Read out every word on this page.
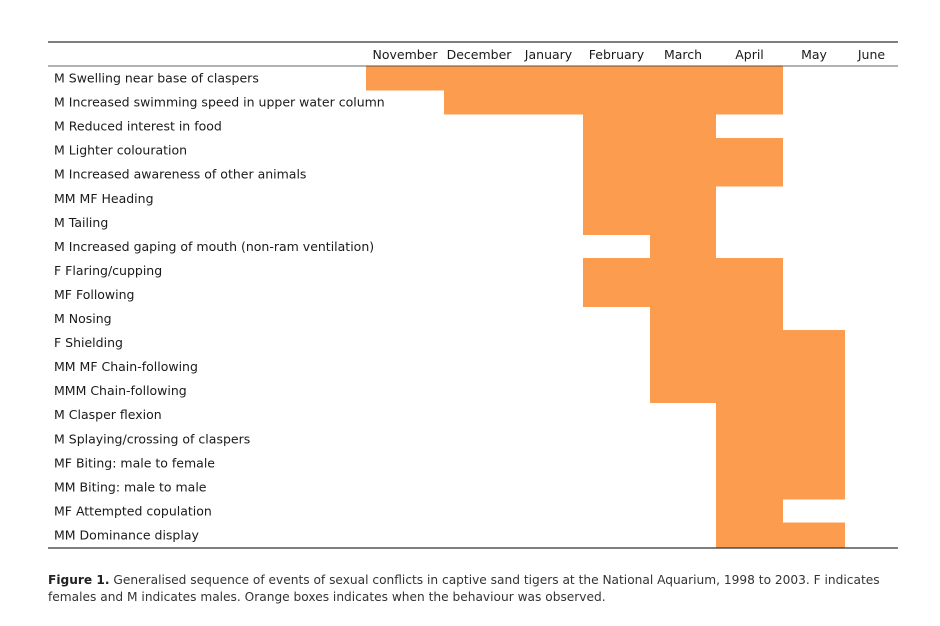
November December January February March	April	May June
M Swelling near base of claspers
M Increased swimming speed in upper water column
M Reduced interest in food
M Lighter colouration
M Increased awareness of other animals
MM MF Heading
M Tailing
M Increased gaping of mouth (non-ram ventilation)
F Flaring/cupping
MF Following
M Nosing
F Shielding
MM MF Chain-following
MMM Chain-following
M Clasper flexion
M Splaying/crossing of claspers
MF Biting: male to female
MM Biting: male to male
MF Attempted copulation
MM Dominance display
Figure 1. Generalised sequence of events of sexual conflicts in captive sand tigers at the National Aquarium, 1998 to 2003. F indicates females and M indicates males. Orange boxes indicates when the behaviour was observed.
